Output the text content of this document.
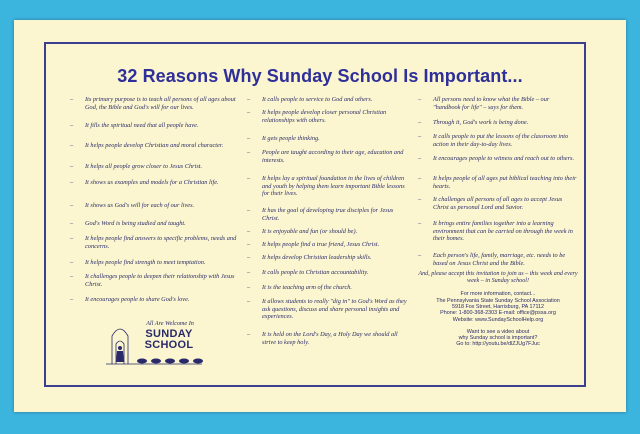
32 Reasons Why Sunday School Is Important...
–	Its primary purpose is to teach all persons of all ages about God, the Bible and God's will for our lives.
–	It fills the spiritual need that all people have.
–	It helps people develop Christian and moral character.
–	It helps all people grow closer to Jesus Christ.
–	It shows us examples and models for a Christian life.
–	It shows us God's will for each of our lives.
–	God's Word is being studied and taught.
–	It helps people find answers to specific problems, needs and concerns.
–	It helps people find strength to meet temptation.
–	It challenges people to deepen their relationship with Jesus Christ.
–	It encourages people to share God's love.
–	It calls people to service to God and others.
–	It helps people develop closer personal Christian relationships with others.
–	It gets people thinking.
–	People are taught according to their age, education and interests.
–	It helps lay a spiritual foundation in the lives of children and youth by helping them learn important Bible lessons for their lives.
–	It has the goal of developing true disciples for Jesus Christ.
–	It is enjoyable and fun (or should be).
–	It helps people find a true friend, Jesus Christ.
–	It helps develop Christian leadership skills.
–	It calls people to Christian accountability.
–	It is the teaching arm of the church.
–	It allows students to really "dig in" to God's Word as they ask questions, discuss and share personal insights and experiences.
–	It is held on the Lord's Day, a Holy Day we should all strive to keep holy.
–	All persons need to know what the Bible – our "handbook for life" – says for them.
–	Through it, God's work is being done.
–	It calls people to put the lessons of the classroom into action in their day-to-day lives.
–	It encourages people to witness and reach out to others.
–	It helps people of all ages put biblical teaching into their hearts.
–	It challenges all persons of all ages to accept Jesus Christ as personal Lord and Savior.
–	It brings entire families together into a learning environment that can be carried on through the week in their homes.
–	Each person's life, family, marriage, etc. needs to be based on Jesus Christ and the Bible.
And, please accept this invitation to join us – this week and every week – in Sunday school!
For more information, contact...
The Pennsylvania State Sunday School Association
5918 Fox Street, Harrisburg, PA 17112
Phone: 1-800-368-2303 E-mail: office@pssa.org
Website: www.SundaySchoolHelp.org
Want to see a video about
why Sunday school is important?
Go to: http://youtu.be/dlZJUg7FJuc
All Are Welcome In
SUNDAY
SCHOOL
